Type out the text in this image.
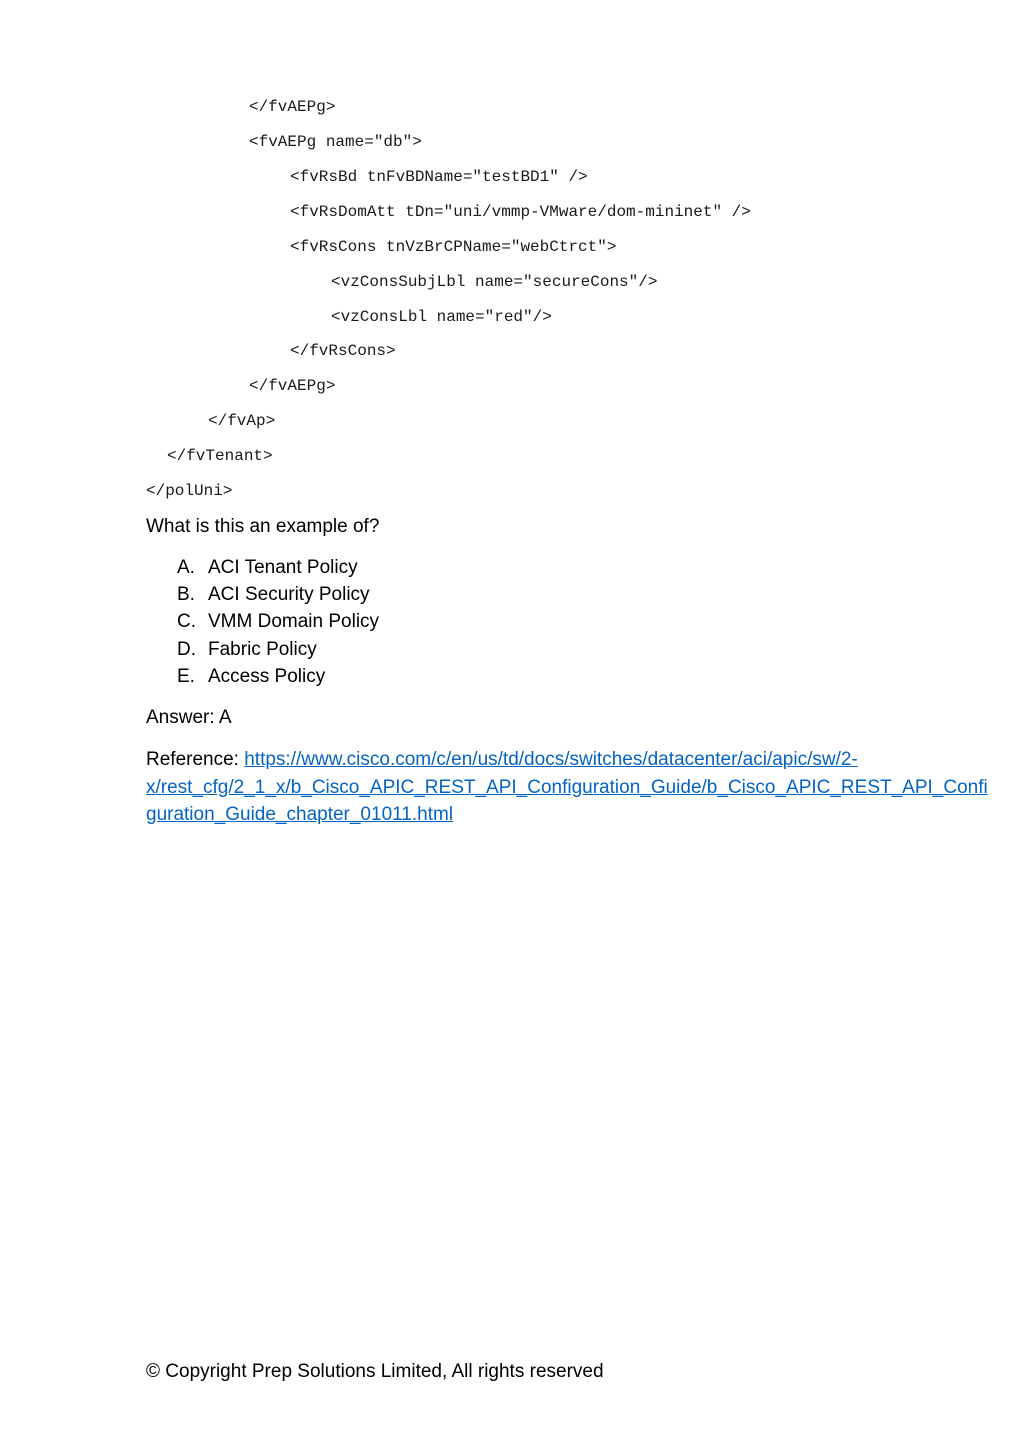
</fvAEPg>
<fvAEPg name="db">
<fvRsBd tnFvBDName="testBD1" />
<fvRsDomAtt tDn="uni/vmmp-VMware/dom-mininet" />
<fvRsCons tnVzBrCPName="webCtrct">
<vzConsSubjLbl name="secureCons"/>
<vzConsLbl name="red"/>
</fvRsCons>
</fvAEPg>
</fvAp>
</fvTenant>
</polUni>

What is this an example of?

A. ACI Tenant Policy
B. ACI Security Policy
C. VMM Domain Policy
D. Fabric Policy
E. Access Policy

Answer: A

Reference: https://www.cisco.com/c/en/us/td/docs/switches/datacenter/aci/apic/sw/2-
x/rest_cfg/2_1_x/b_Cisco_APIC_REST_API_Configuration_Guide/b_Cisco_APIC_REST_API_Confi
guration_Guide_chapter_01011.html

© Copyright Prep Solutions Limited, All rights reserved
